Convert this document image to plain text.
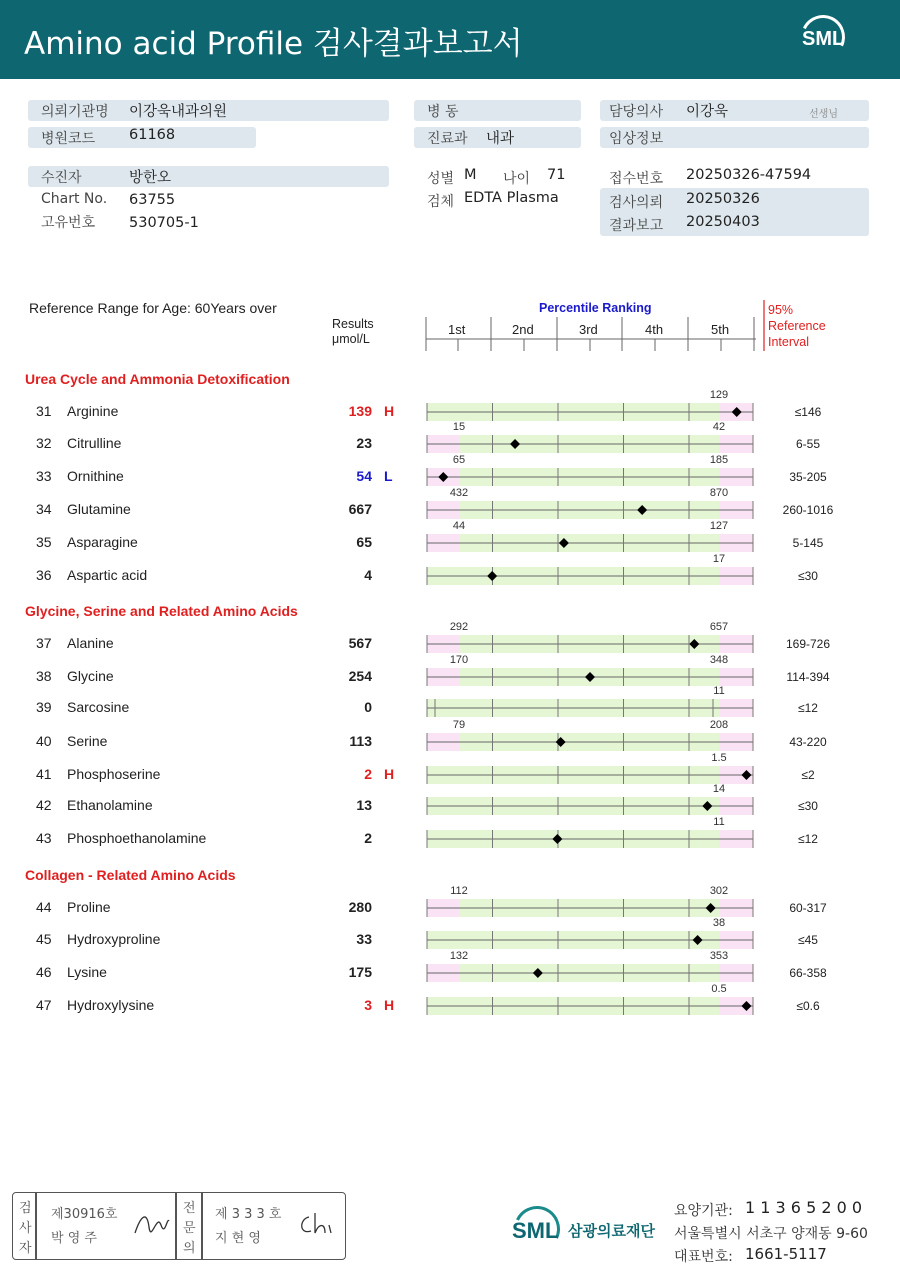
Amino acid Profile 검사결과보고서	SML
의뢰기관명 이강욱내과의원
병원코드 61168
병 동
진료과 내과
담당의사 이강욱	선생님
임상정보
수진자	방한오
Chart No. 63755
고유번호 530705-1
성별 M 나이 71
검체 EDTA Plasma
접수번호 20250326-47594
검사의뢰 20250326
결과보고 20250403
Reference Range for Age: 60Years over
Results
μmol/L
Percentile Ranking	95%
Reference
Interval
1st	2nd	3rd	4th	5th
Urea Cycle and Ammonia Detoxification
Glycine, Serine and Related Amino Acids
Collagen - Related Amino Acids
31 Arginine	139 H	≤146
32 Citrulline	23	6-55
33 Ornithine	54 L	35-205
34 Glutamine	667	260-1016
35 Asparagine	65	5-145
36 Aspartic acid	4	≤30
37 Alanine	567	169-726
38 Glycine	254	114-394
39 Sarcosine	0	≤12
40 Serine	113	43-220
41 Phosphoserine	2 H	≤2
42 Ethanolamine	13	≤30
43 Phosphoethanolamine	2	≤12
44 Proline	280	60-317
45 Hydroxyproline	33	≤45
46 Lysine	175	66-358
47 Hydroxylysine	3 H	≤0.6
129
15	42
65	185
432	870
44	127
17
292	657
170	348
11
79	208
1.5
14
11
112	302
38
132	353
0.5
검
사
자
제30916호
박 영 주
전
문
의
제 3 3 3 호
지 현 영	SML 삼광의료재단
요양기관: 1 1 3 6 5 2 0 0
서울특별시 서초구 양재동 9-60
대표번호: 1661-5117
